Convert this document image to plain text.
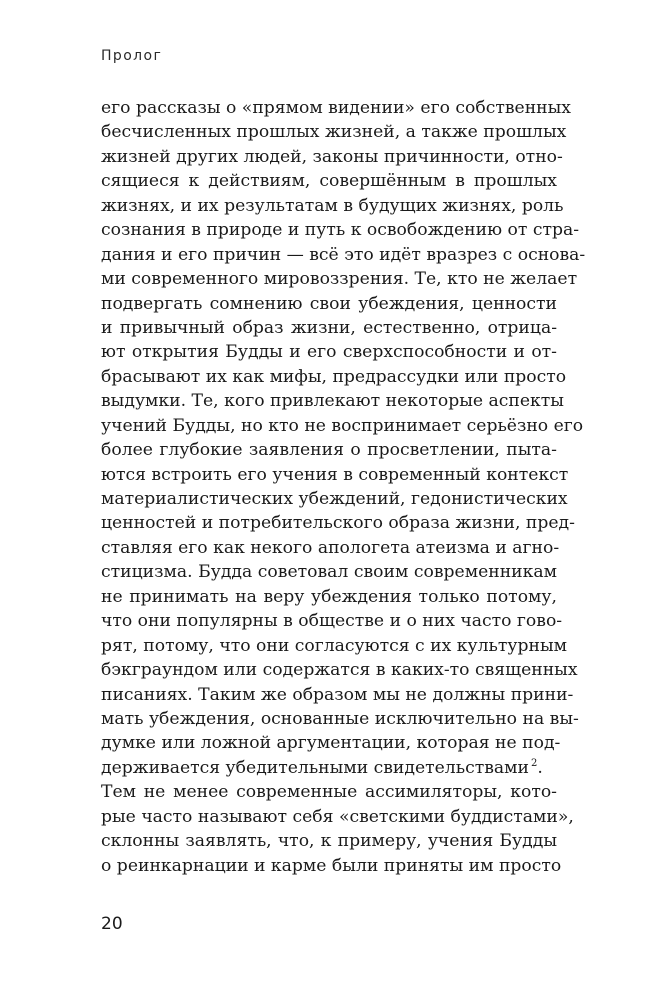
Пролог
его рассказы о «прямом видении» его собственных
бесчисленных прошлых жизней, а также прошлых
жизней других людей, законы причинности, отно-
сящиеся к действиям, совершённым в прошлых
жизнях, и их результатам в будущих жизнях, роль
сознания в природе и путь к освобождению от стра-
дания и его причин — всё это идёт вразрез с основа-
ми современного мировоззрения. Те, кто не желает
подвергать сомнению свои убеждения, ценности
и привычный образ жизни, естественно, отрица-
ют открытия Будды и его сверхспособности и от-
брасывают их как мифы, предрассудки или просто
выдумки. Те, кого привлекают некоторые аспекты
учений Будды, но кто не воспринимает серьёзно его
более глубокие заявления о просветлении, пыта-
ются встроить его учения в современный контекст
материалистических убеждений, гедонистических
ценностей и потребительского образа жизни, пред-
ставляя его как некого апологета атеизма и агно-
стицизма. Будда советовал своим современникам
не принимать на веру убеждения только потому,
что они популярны в обществе и о них часто гово-
рят, потому, что они согласуются с их культурным
бэкграундом или содержатся в каких-то священных
писаниях. Таким же образом мы не должны прини-
мать убеждения, основанные исключительно на вы-
думке или ложной аргументации, которая не под-
держивается убедительными свидетельствами $^2$.
Тем не менее современные ассимиляторы, кото-
рые часто называют себя «светскими буддистами»,
склонны заявлять, что, к примеру, учения Будды
о реинкарнации и карме были приняты им просто
20
